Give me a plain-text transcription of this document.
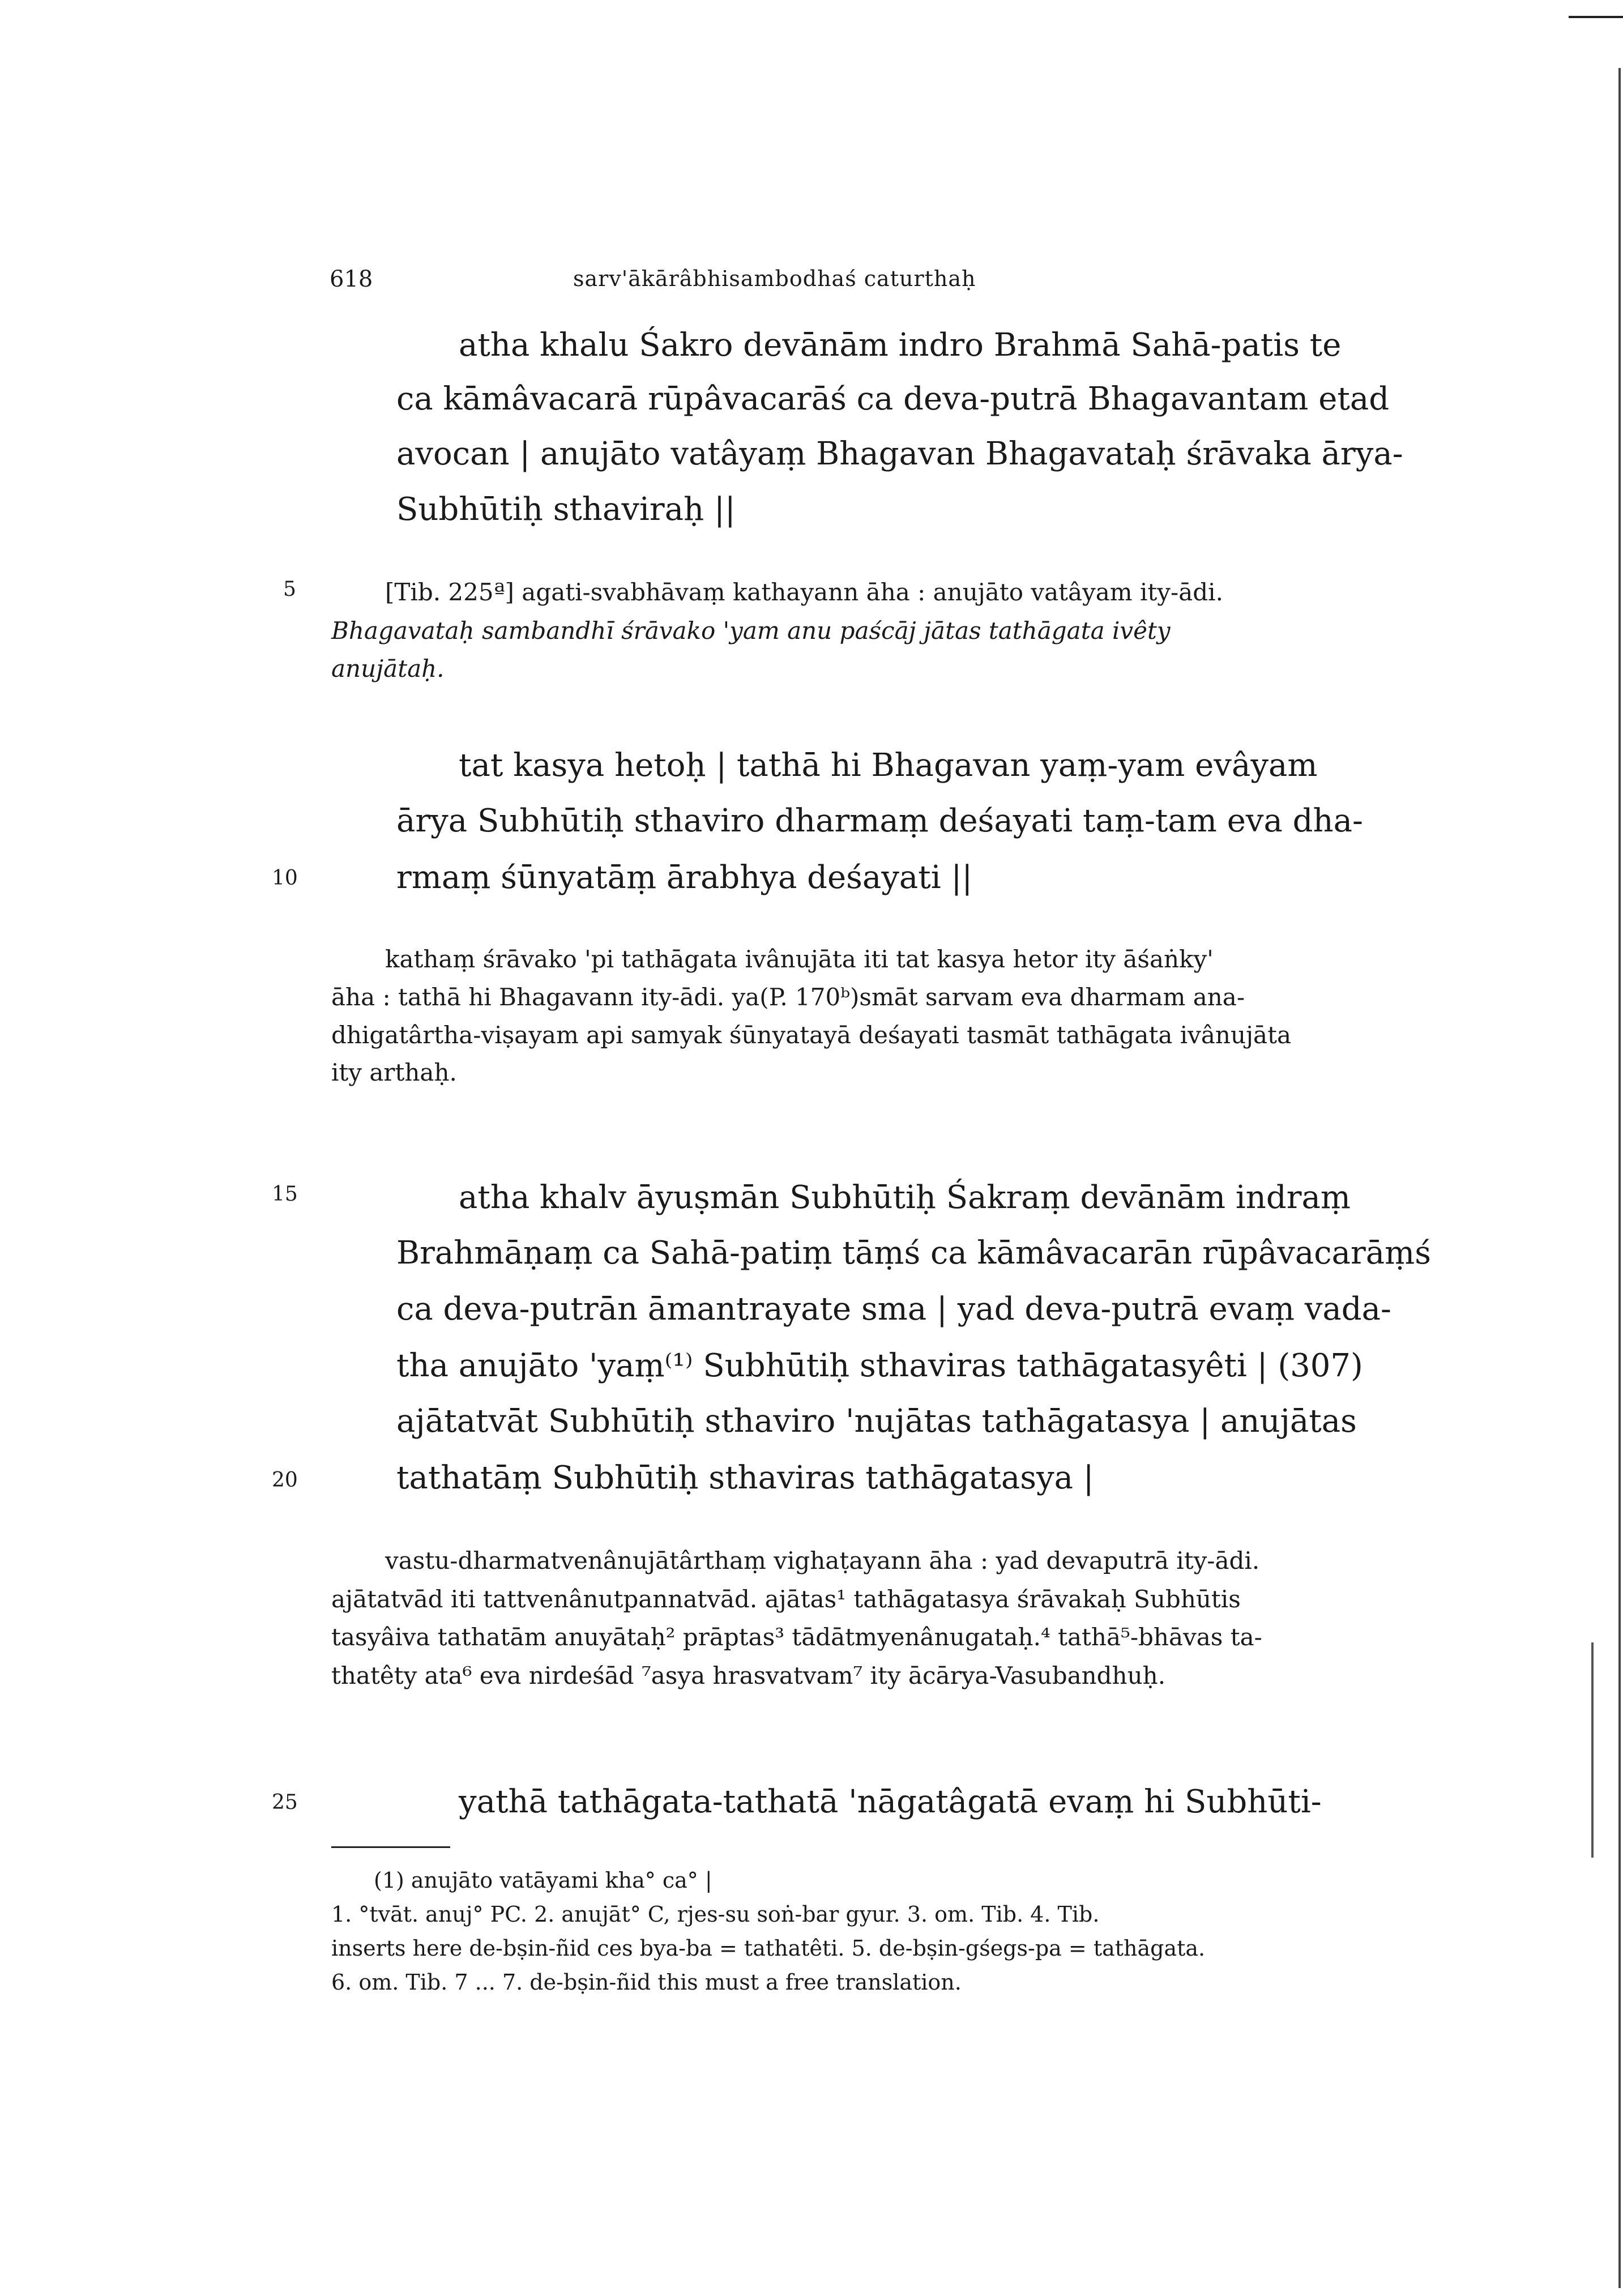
618	sarv'ākārâbhisambodhaś caturthaḥ
5
10
15
20
25
atha khalu Śakro devānām indro Brahmā Sahā-patis te
ca kāmâvacarā rūpâvacarāś ca deva-putrā Bhagavantam etad
avocan | anujāto vatâyaṃ Bhagavan Bhagavataḥ śrāvaka ārya-
Subhūtiḥ sthaviraḥ ||
[Tib. 225ª] agati-svabhāvaṃ kathayann āha : anujāto vatâyam ity-ādi.
Bhagavataḥ sambandhī śrāvako 'yam anu paścāj jātas tathāgata ivêty
anujātaḥ.
tat kasya hetoḥ | tathā hi Bhagavan yaṃ-yam evâyam
ārya Subhūtiḥ sthaviro dharmaṃ deśayati taṃ-tam eva dha-
rmaṃ śūnyatāṃ ārabhya deśayati ||
kathaṃ śrāvako 'pi tathāgata ivânujāta iti tat kasya hetor ity āśaṅky'
āha : tathā hi Bhagavann ity-ādi. ya(P. 170ᵇ)smāt sarvam eva dharmam ana-
dhigatârtha-viṣayam api samyak śūnyatayā deśayati tasmāt tathāgata ivânujāta
ity arthaḥ.
atha khalv āyuṣmān Subhūtiḥ Śakraṃ devānām indraṃ
Brahmāṇaṃ ca Sahā-patiṃ tāṃś ca kāmâvacarān rūpâvacarāṃś
ca deva-putrān āmantrayate sma | yad deva-putrā evaṃ vada-
tha anujāto 'yaṃ⁽¹⁾ Subhūtiḥ sthaviras tathāgatasyêti | (307)
ajātatvāt Subhūtiḥ sthaviro 'nujātas tathāgatasya | anujātas
tathatāṃ Subhūtiḥ sthaviras tathāgatasya |
vastu-dharmatvenânujātârthaṃ vighaṭayann āha : yad devaputrā ity-ādi.
ajātatvād iti tattvenânutpannatvād. ajātas¹ tathāgatasya śrāvakaḥ Subhūtis
tasyâiva tathatām anuyātaḥ² prāptas³ tādātmyenânugataḥ.⁴ tathā⁵-bhāvas ta-
thatêty ata⁶ eva nirdeśād ⁷asya hrasvatvam⁷ ity ācārya-Vasubandhuḥ.
yathā tathāgata-tathatā 'nāgatâgatā evaṃ hi Subhūti-
(1) anujāto vatāyami kha° ca° |
1. °tvāt. anuj° PC. 2. anujāt° C, rjes-su soṅ-bar gyur. 3. om. Tib. 4. Tib.
inserts here de-bṣin-ñid ces bya-ba = tathatêti. 5. de-bṣin-gśegs-pa = tathāgata.
6. om. Tib. 7 ... 7. de-bṣin-ñid this must a free translation.
